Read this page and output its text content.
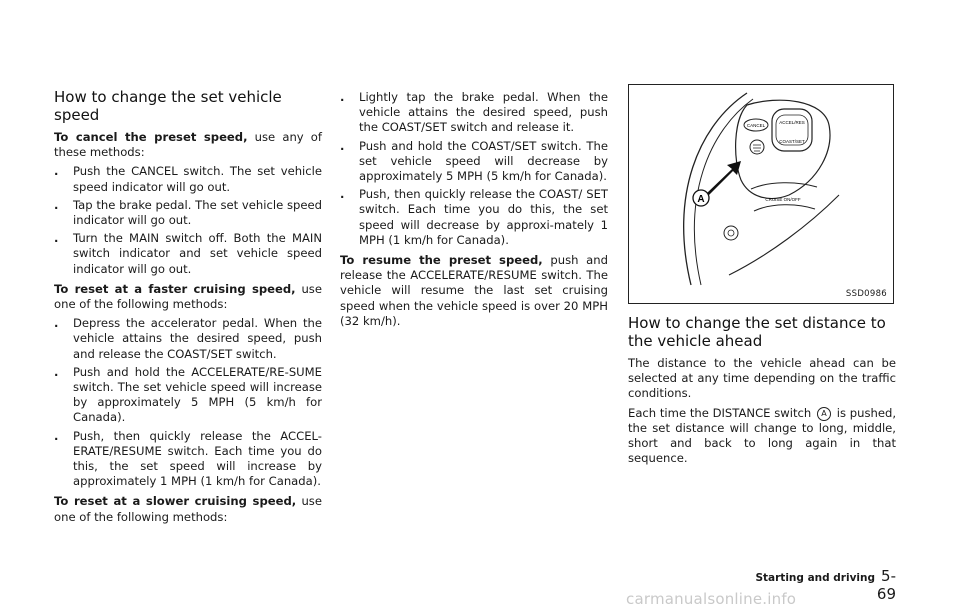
How to change the set vehicle speed

To cancel the preset speed, use any of these methods:

. Push the CANCEL switch. The set vehicle speed indicator will go out.
. Tap the brake pedal. The set vehicle speed indicator will go out.
. Turn the MAIN switch off. Both the MAIN switch indicator and set vehicle speed indicator will go out.

To reset at a faster cruising speed, use one of the following methods:

. Depress the accelerator pedal. When the vehicle attains the desired speed, push and release the COAST/SET switch.
. Push and hold the ACCELERATE/RE-SUME switch. The set vehicle speed will increase by approximately 5 MPH (5 km/h for Canada).
. Push, then quickly release the ACCEL-ERATE/RESUME switch. Each time you do this, the set speed will increase by approximately 1 MPH (1 km/h for Canada).

To reset at a slower cruising speed, use one of the following methods:

. Lightly tap the brake pedal. When the vehicle attains the desired speed, push the COAST/SET switch and release it.
. Push and hold the COAST/SET switch. The set vehicle speed will decrease by approximately 5 MPH (5 km/h for Canada).
. Push, then quickly release the COAST/ SET switch. Each time you do this, the set speed will decrease by approxi-mately 1 MPH (1 km/h for Canada).

To resume the preset speed, push and release the ACCELERATE/RESUME switch. The vehicle will resume the last set cruising speed when the vehicle speed is over 20 MPH (32 km/h).

CANCEL
ACCEL/RES
COAST/SET
CRUISE ON/OFF
A
SSD0986
How to change the set distance to the vehicle ahead

The distance to the vehicle ahead can be selected at any time depending on the traffic conditions.

Each time the DISTANCE switch A is pushed, the set distance will change to long, middle, short and back to long again in that sequence.

Starting and driving 5-69
carmanualsonline.info
